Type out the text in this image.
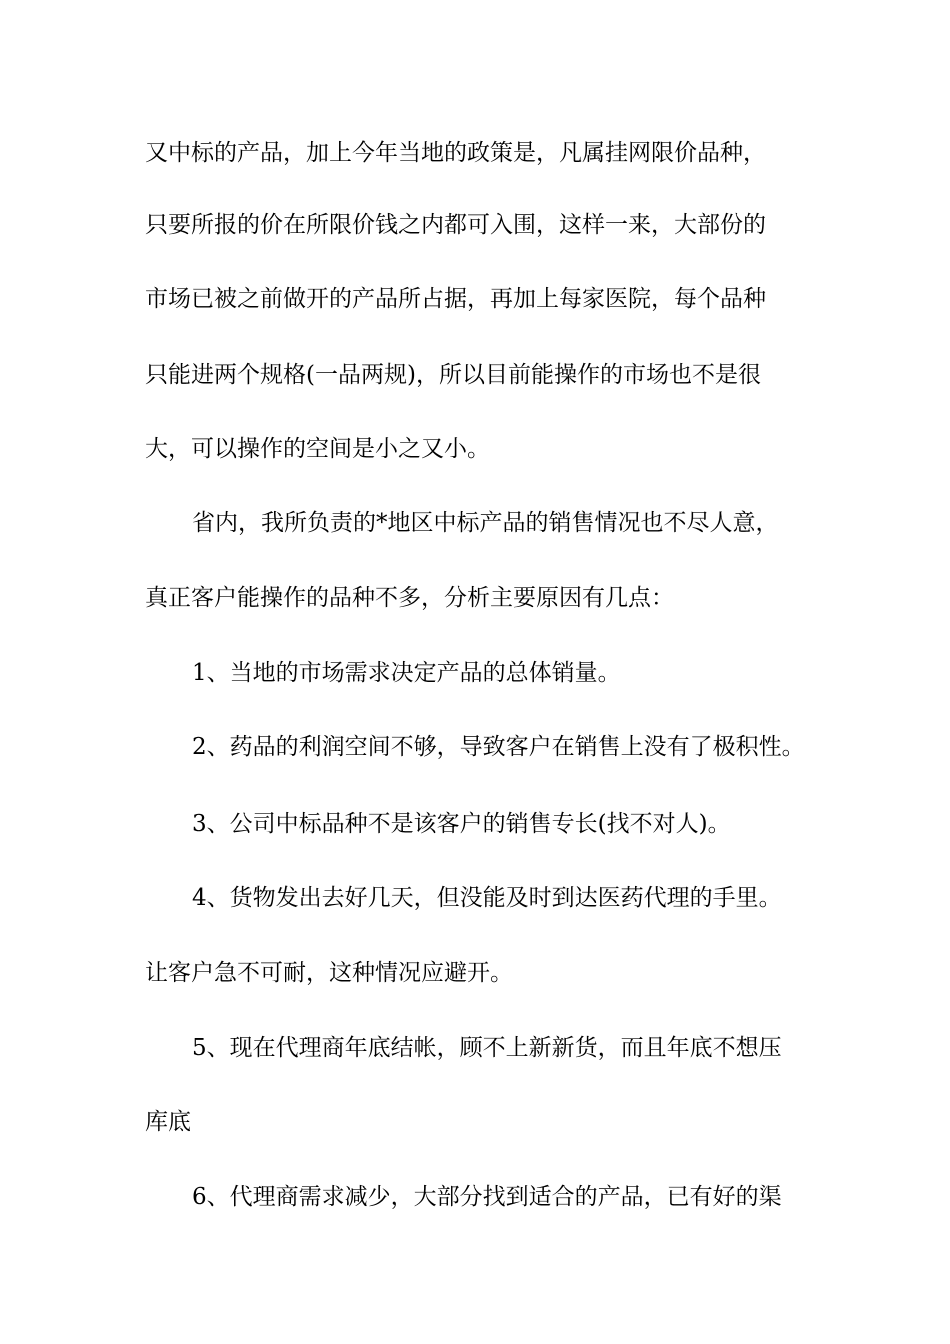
又中标的产品，加上今年当地的政策是，凡属挂网限价品种，
只要所报的价在所限价钱之内都可入围，这样一来，大部份的
市场已被之前做开的产品所占据，再加上每家医院，每个品种
只能进两个规格(一品两规)，所以目前能操作的市场也不是很
大，可以操作的空间是小之又小。
省内，我所负责的*地区中标产品的销售情况也不尽人意，
真正客户能操作的品种不多，分析主要原因有几点：
1、当地的市场需求决定产品的总体销量。
2、药品的利润空间不够，导致客户在销售上没有了极积性。
3、公司中标品种不是该客户的销售专长(找不对人)。
4、货物发出去好几天，但没能及时到达医药代理的手里。
让客户急不可耐，这种情况应避开。
5、现在代理商年底结帐，顾不上新新货，而且年底不想压
库底
6、代理商需求减少，大部分找到适合的产品，已有好的渠
